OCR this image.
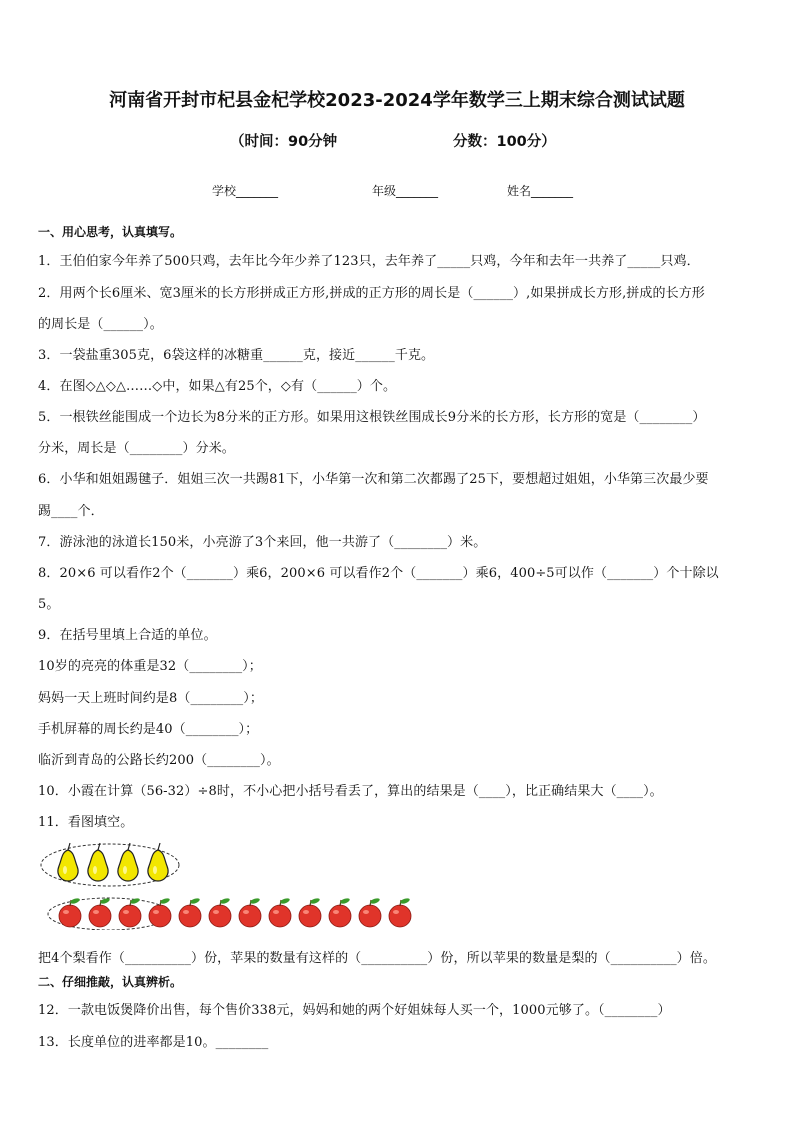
河南省开封市杞县金杞学校2023-2024学年数学三上期末综合测试试题
（时间：90分钟	分数：100分）
学校_______	年级_______	姓名_______
一、用心思考，认真填写。
1．王伯伯家今年养了500只鸡，去年比今年少养了123只，去年养了_____只鸡，今年和去年一共养了_____只鸡．
2．用两个长6厘米、宽3厘米的长方形拼成正方形,拼成的正方形的周长是（______）,如果拼成长方形,拼成的长方形
的周长是（______）。
3．一袋盐重305克，6袋这样的冰糖重______克，接近______千克。
4．在图◇△◇△……◇中，如果△有25个，◇有（______）个。
5．一根铁丝能围成一个边长为8分米的正方形。如果用这根铁丝围成长9分米的长方形，长方形的宽是（________）
分米，周长是（________）分米。
6．小华和姐姐踢毽子．姐姐三次一共踢81下，小华第一次和第二次都踢了25下，要想超过姐姐，小华第三次最少要
踢____个．
7．游泳池的泳道长150米，小亮游了3个来回，他一共游了（________）米。
8．20×6 可以看作2个（_______）乘6，200×6 可以看作2个（_______）乘6，400÷5可以作（_______）个十除以
5。
9．在括号里填上合适的单位。
10岁的亮亮的体重是32（________）；
妈妈一天上班时间约是8（________）；
手机屏幕的周长约是40（________）；
临沂到青岛的公路长约200（________）。
10．小霞在计算（56-32）÷8时，不小心把小括号看丢了，算出的结果是（____），比正确结果大（____）。
11．看图填空。
把4个梨看作（__________）份，苹果的数量有这样的（__________）份，所以苹果的数量是梨的（__________）倍。
二、仔细推敲，认真辨析。
12．一款电饭煲降价出售，每个售价338元，妈妈和她的两个好姐妹每人买一个，1000元够了。（________）
13．长度单位的进率都是10。________
